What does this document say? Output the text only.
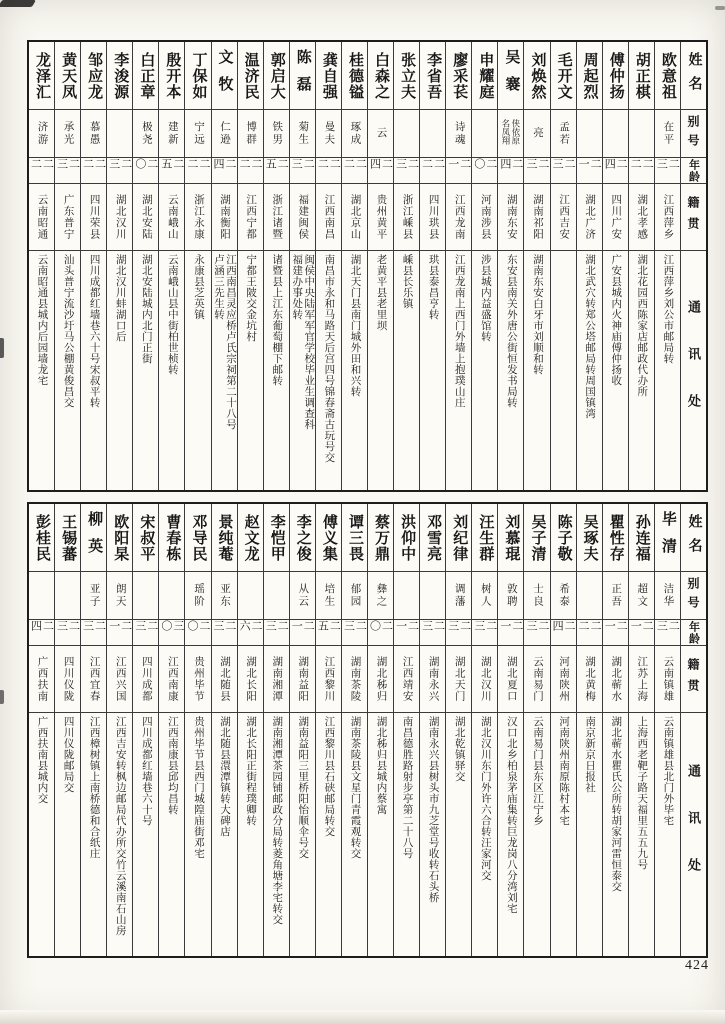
姓名
别号
年龄
籍贯
通讯处
欧意祖
在平
二三
江西萍乡
江西萍乡刘公市邮局转
胡正棋
二二
湖北孝感
湖北花园西陈家店邮政代办所
傅仲扬
二四
四川广安
广安县城内火神庙傅仲扬收
周起烈
二一
湖北广济
湖北武穴转郑公塔邮局转周国镇湾
毛开文
孟若
二三
江西吉安
刘焕然
亮
二三
湖南祁阳
湖南东安白牙市刘顺和转
吴褰
侠依原名凤翔
二四
湖南东安
东安县南关外唐公街恒发书局转
申耀庭
二〇
河南涉县
涉县城内益盛馆转
廖采苌
诗魂
二一
江西龙南
江西龙南上西门外墙上抱璞山庄
李省吾
二二
四川珙县
珙县泰昌亨转
张立夫
二三
浙江嵊县
嵊县长乐镇
白森之
云
二四
贵州黄平
老黄平县老里坝
桂德镒
琢成
二二
湖北京山
湖北天门县南门城外田和兴转
龚自强
曼夫
二二
江西南昌
南昌市永和马路天后宫四号锦春斋古玩号交
陈磊
菊生
二三
福建闽侯
闽侯中央陆军军官学校毕业生调查科福建办事处转
郭启大
铁男
二五
浙江诸暨
诸暨县上江东葡萄棚下邮转
温济民
博群
二二
江西宁都
宁都王陂交金坑村
文牧
仁逊
二四
湖南衡阳
江西南昌灵应桥卢氏宗祠第二十八号卢涵三先生转
丁保如
宁远
二二
浙江永康
永康县芝英镇
殷开本
建新
二五
云南峨山
云南峨山县中街柏世桢转
白正章
极尧
二〇
湖北安陆
湖北安陆城内北门正街
李浚源
二三
湖北汉川
湖北汉川蚌湖口后
邹应龙
慕愚
二二
四川荣县
四川成都红墙巷六十号宋叔平转
黄天凤
承光
二三
广东普宁
汕头普宁流沙圩马公棚黄俊昌交
龙泽汇
济游
二二
云南昭通
云南昭通县城内后园墙龙宅
姓名
别号
年龄
籍贯
通讯处
毕清
洁华
二三
云南镇雄
云南镇雄县北门外毕宅
孙连福
超文
二一
江苏上海
上海西老靶子路天福里五五九号
瞿性存
正吾
二一
湖北蕲水
湖北蕲水瞿氏公所转胡家河雷恒泰交
吴琢夫
二二
湖北黄梅
南京新京日报社
陈子敬
希泰
二四
河南陕州
河南陕州南原陈村本宅
吴子清
士良
二三
云南易门
云南易门县东区江宁乡
刘慕琨
敦聘
二一
湖北夏口
汉口北乡柏泉茅庙集转巨龙岗八分湾刘宅
汪生群
树人
二三
湖北汉川
湖北汉川东门外许六合转汪家河交
刘纪律
调藩
二三
湖北天门
湖北乾镇驿交
邓雪亮
二三
湖南永兴
湖南永兴县树头市九芝堂号收转石头桥
洪仰中
二一
江西靖安
南昌德胜路射步亭第二十八号
蔡万鼎
彝之
二〇
湖北秭归
湖北秭归县城内蔡寓
谭三畏
郁园
二三
湖南茶陵
湖南茶陵县文星门青霞观转交
傅义集
培生
二五
江西黎川
江西黎川县石硖邮局转交
李之俊
从云
二一
湖南益阳
湖南益阳三里桥阳怡顺伞号交
李恺甲
二三
湖南湘潭
湖南湘潭茶园铺邮政分局转菱角塘李宅转交
赵文龙
二六
湖北长阳
湖北长阳正街程璞卿转
景纯菴
亚东
二三
湖北随县
湖北随县澴潭镇转大碑店
邓导民
瑶阶
二〇
贵州毕节
贵州毕节县西门城隍庙街邓宅
曹春栋
三〇
江西南康
江西南康县邱均昌转
宋叔平
二三
四川成都
四川成都红墙巷六十号
欧阳杲
朗天
二一
江西兴国
江西吉安转枫边邮局代办所交竹云溪南石山房
柳英
亚子
二三
江西宜春
江西樟树镇上南桥德和合纸庄
王锡蕃
二三
四川仪陇
四川仪陇邮局交
彭桂民
二四
广西扶南
广西扶南县城内交
424
